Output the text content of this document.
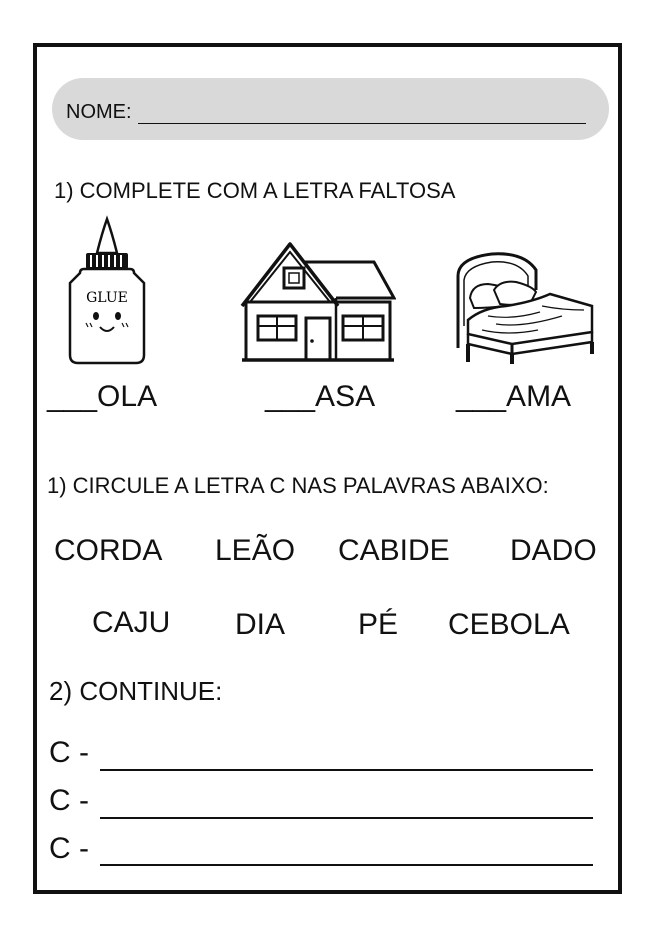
NOME:
1) COMPLETE COM A LETRA FALTOSA
GLUE
___OLA	___ASA	___AMA
1) CIRCULE A LETRA C NAS PALAVRAS ABAIXO:
CORDA LEÃO CABIDE DADO
CAJU DIA PÉ CEBOLA
2) CONTINUE:
C -
C -
C -
